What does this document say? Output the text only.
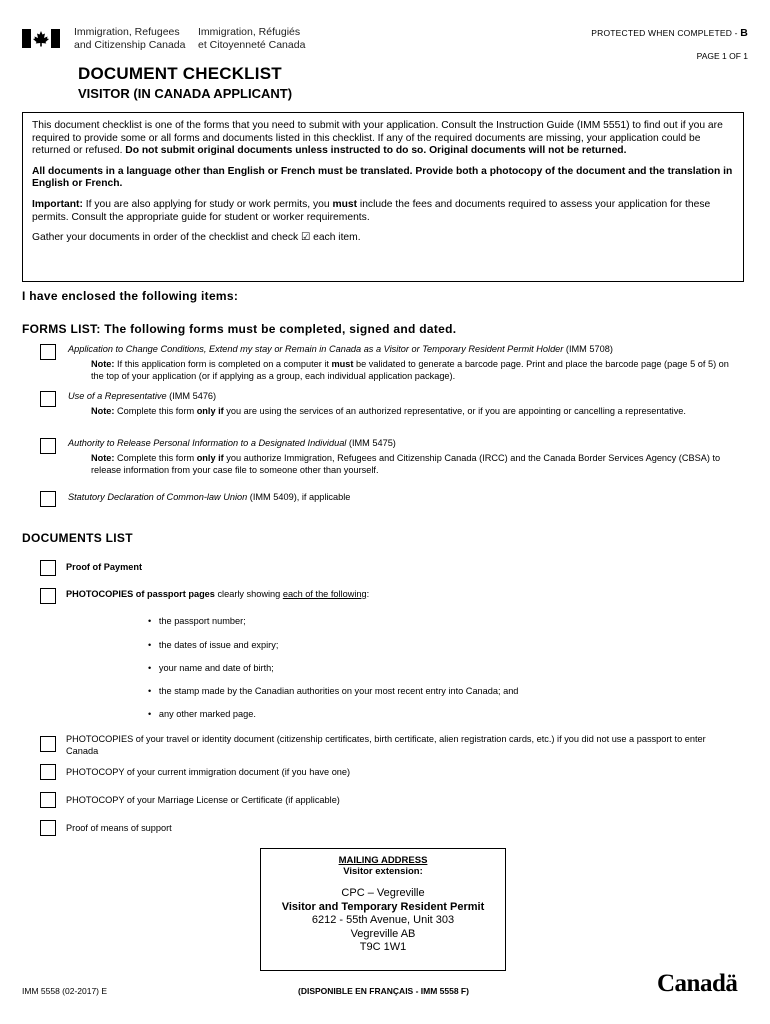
Immigration, Refugees
and Citizenship Canada
Immigration, Réfugiés
et Citoyenneté Canada
PROTECTED WHEN COMPLETED - B
PAGE 1 OF 1
DOCUMENT CHECKLIST
VISITOR (IN CANADA APPLICANT)

This document checklist is one of the forms that you need to submit with your application. Consult the Instruction Guide (IMM 5551) to find out if you are required to provide some or all forms and documents listed in this checklist. If any of the required documents are missing, your application could be returned or refused. Do not submit original documents unless instructed to do so. Original documents will not be returned.

All documents in a language other than English or French must be translated. Provide both a photocopy of the document and the translation in English or French.

Important: If you are also applying for study or work permits, you must include the fees and documents required to assess your application for these permits. Consult the appropriate guide for student or worker requirements.

Gather your documents in order of the checklist and check ☑ each item.

I have enclosed the following items:
FORMS LIST: The following forms must be completed, signed and dated.
Application to Change Conditions, Extend my stay or Remain in Canada as a Visitor or Temporary Resident Permit Holder (IMM 5708)
Note: If this application form is completed on a computer it must be validated to generate a barcode page. Print and place the barcode page (page 5 of 5) on the top of your application (or if applying as a group, each individual application package).
Use of a Representative (IMM 5476)
Note: Complete this form only if you are using the services of an authorized representative, or if you are appointing or cancelling a representative.
Authority to Release Personal Information to a Designated Individual (IMM 5475)
Note: Complete this form only if you authorize Immigration, Refugees and Citizenship Canada (IRCC) and the Canada Border Services Agency (CBSA) to release information from your case file to someone other than yourself.
Statutory Declaration of Common-law Union (IMM 5409), if applicable
DOCUMENTS LIST
Proof of Payment
PHOTOCOPIES of passport pages clearly showing each of the following:
•   the passport number;
•   the dates of issue and expiry;
•   your name and date of birth;
•   the stamp made by the Canadian authorities on your most recent entry into Canada; and
•   any other marked page.
PHOTOCOPIES of your travel or identity document (citizenship certificates, birth certificate, alien registration cards, etc.) if you did not use a passport to enter Canada
PHOTOCOPY of your current immigration document (if you have one)
PHOTOCOPY of your Marriage License or Certificate (if applicable)
Proof of means of support
MAILING ADDRESS
Visitor extension:
CPC – Vegreville
Visitor and Temporary Resident Permit
6212 - 55th Avenue, Unit 303
Vegreville AB
T9C 1W1
IMM 5558 (02-2017) E	(DISPONIBLE EN FRANÇAIS - IMM 5558 F)	Canadä
